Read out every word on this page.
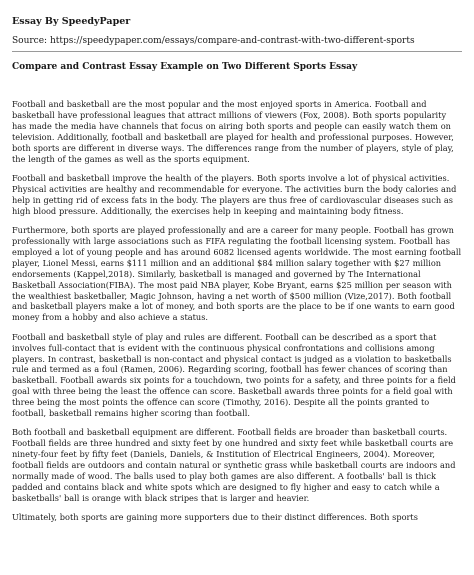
Essay By SpeedyPaper
Source: https://speedypaper.com/essays/compare-and-contrast-with-two-different-sports
Compare and Contrast Essay Example on Two Different Sports Essay

Football and basketball are the most popular and the most enjoyed sports in America. Football and basketball have professional leagues that attract millions of viewers (Fox, 2008). Both sports popularity has made the media have channels that focus on airing both sports and people can easily watch them on television. Additionally, football and basketball are played for health and professional purposes. However, both sports are different in diverse ways. The differences range from the number of players, style of play, the length of the games as well as the sports equipment.

Football and basketball improve the health of the players. Both sports involve a lot of physical activities. Physical activities are healthy and recommendable for everyone. The activities burn the body calories and help in getting rid of excess fats in the body. The players are thus free of cardiovascular diseases such as high blood pressure. Additionally, the exercises help in keeping and maintaining body fitness.

Furthermore, both sports are played professionally and are a career for many people. Football has grown professionally with large associations such as FIFA regulating the football licensing system. Football has employed a lot of young people and has around 6082 licensed agents worldwide. The most earning football player, Lionel Messi, earns $111 million and an additional $84 million salary together with $27 million endorsements (Kappel,2018). Similarly, basketball is managed and governed by The International Basketball Association(FIBA). The most paid NBA player, Kobe Bryant, earns $25 million per season with the wealthiest basketballer, Magic Johnson, having a net worth of $500 million (Vize,2017). Both football and basketball players make a lot of money, and both sports are the place to be if one wants to earn good money from a hobby and also achieve a status.

Football and basketball style of play and rules are different. Football can be described as a sport that involves full-contact that is evident with the continuous physical confrontations and collisions among players. In contrast, basketball is non-contact and physical contact is judged as a violation to basketballs rule and termed as a foul (Ramen, 2006). Regarding scoring, football has fewer chances of scoring than basketball. Football awards six points for a touchdown, two points for a safety, and three points for a field goal with three being the least the offence can score. Basketball awards three points for a field goal with three being the most points the offence can score (Timothy, 2016). Despite all the points granted to football, basketball remains higher scoring than football.

Both football and basketball equipment are different. Football fields are broader than basketball courts. Football fields are three hundred and sixty feet by one hundred and sixty feet while basketball courts are ninety-four feet by fifty feet (Daniels, Daniels, & Institution of Electrical Engineers, 2004). Moreover, football fields are outdoors and contain natural or synthetic grass while basketball courts are indoors and normally made of wood. The balls used to play both games are also different. A footballs' ball is thick padded and contains black and white spots which are designed to fly higher and easy to catch while a basketballs' ball is orange with black stripes that is larger and heavier.

Ultimately, both sports are gaining more supporters due to their distinct differences. Both sports
